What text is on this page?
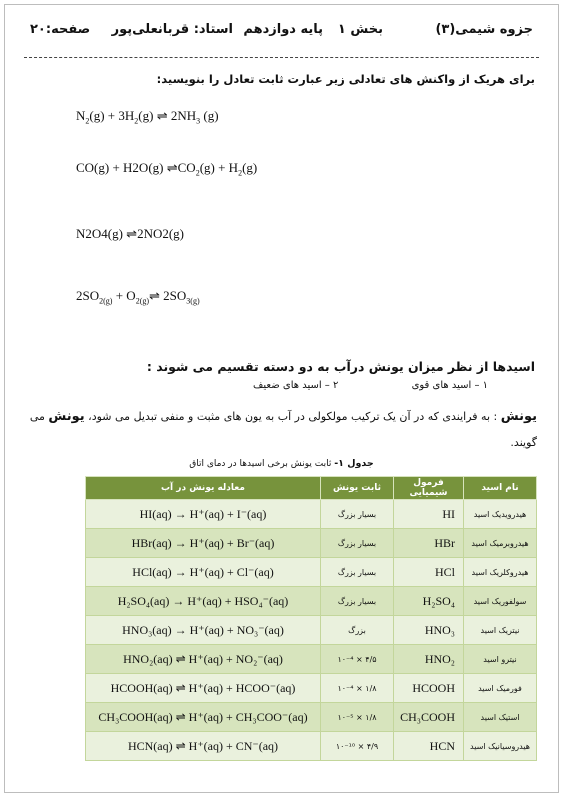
جزوه شیمی(۳)
بخش ۱
پایه دوازدهم
استاد: قربانعلی‌پور
صفحه:۲۰
برای هریک از واکنش های تعادلی زیر عبارت ثابت تعادل را بنویسید:
$N_2(g) + 3H_2(g)$ ⇌ $2NH_3$ (g)
CO(g) + H2O(g) $\rightleftharpoons CO_2(g) + H_2(g)$
N2O4(g) ⇌2NO2(g)
$2SO_{2(g)}$ + $O_{2(g)}\rightleftharpoons$ $2SO_{3(g)}$
اسیدها از نظر میزان یونش درآب به دو دسته تقسیم می شوند :
۱ – اسید های قوی ۲ – اسید های ضعیف
یونش : به فرایندی که در آن یک ترکیب مولکولی در آب به یون های مثبت و منفی تبدیل می شود، یونش می گویند.
جدول ۱- ثابت یونش برخی اسیدها در دمای اتاق
نام اسید	فرمول شیمیایی	ثابت یونش	معادله یونش در آب
هیدرویدیک اسید	HI	بسیار بزرگ	HI(aq) → H⁺(aq) + I⁻(aq)
هیدروبرمیک اسید	HBr	بسیار بزرگ	HBr(aq) → H⁺(aq) + Br⁻(aq)
هیدروکلریک اسید	HCl	بسیار بزرگ	HCl(aq) → H⁺(aq) + Cl⁻(aq)
سولفوریک اسید	H₂SO₄	بسیار بزرگ	H₂SO₄(aq) → H⁺(aq) + HSO₄⁻(aq)
نیتریک اسید	HNO₃	بزرگ	HNO₃(aq) → H⁺(aq) + NO₃⁻(aq)
نیترو اسید	HNO₂	۴/۵ × ۱۰⁻⁴	HNO₂(aq) ⇌ H⁺(aq) + NO₂⁻(aq)
فورمیک اسید	HCOOH	۱/۸ × ۱۰⁻⁴	HCOOH(aq) ⇌ H⁺(aq) + HCOO⁻(aq)
استیک اسید	CH₃COOH	۱/۸ × ۱۰⁻⁵	CH₃COOH(aq) ⇌ H⁺(aq) + CH₃COO⁻(aq)
هیدروسیانیک اسید	HCN	۴/۹ × ۱۰⁻¹⁰	HCN(aq) ⇌ H⁺(aq) + CN⁻(aq)
